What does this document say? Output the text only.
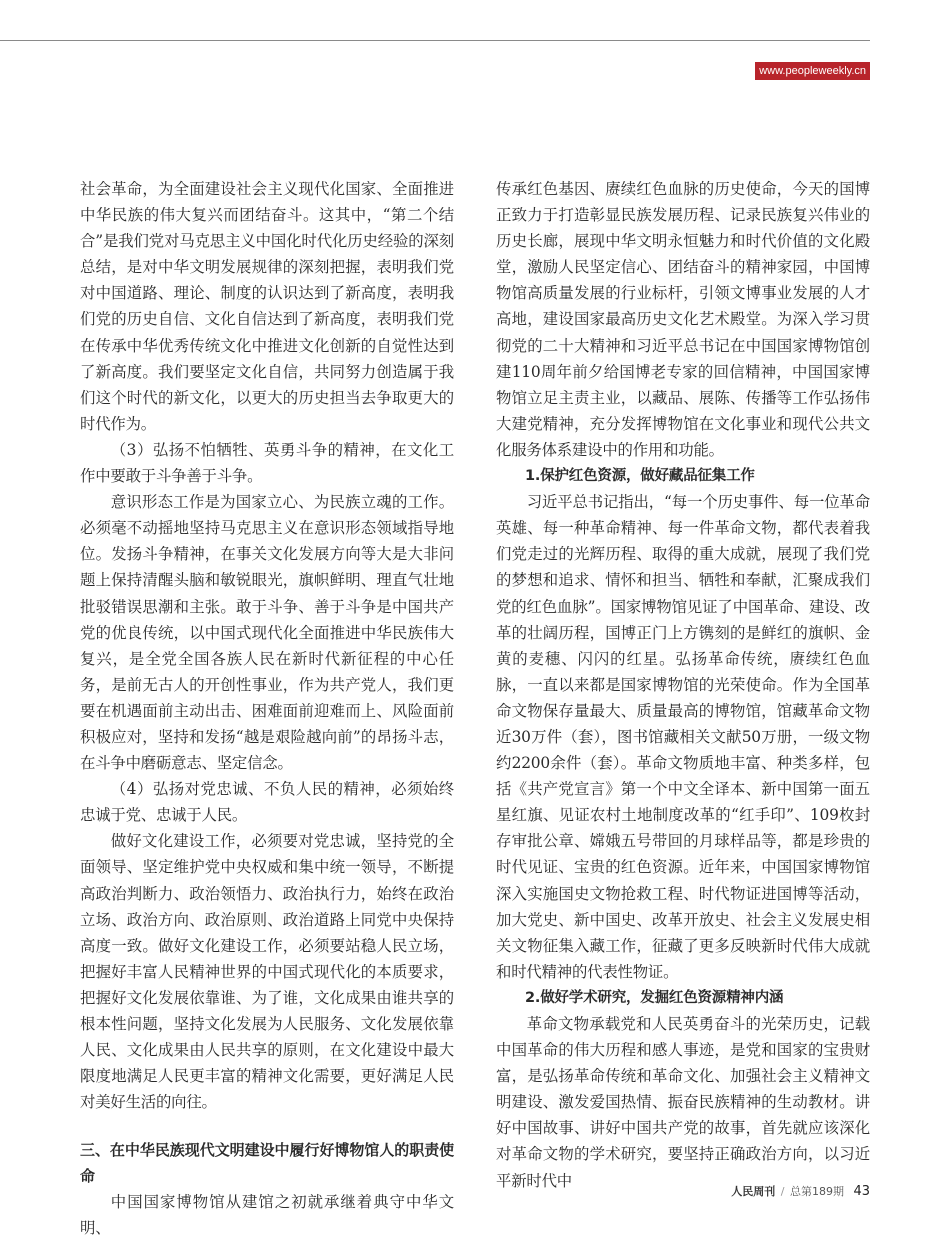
www.peopleweekly.cn

社会革命，为全面建设社会主义现代化国家、全面推进中华民族的伟大复兴而团结奋斗。这其中，“第二个结合”是我们党对马克思主义中国化时代化历史经验的深刻总结，是对中华文明发展规律的深刻把握，表明我们党对中国道路、理论、制度的认识达到了新高度，表明我们党的历史自信、文化自信达到了新高度，表明我们党在传承中华优秀传统文化中推进文化创新的自觉性达到了新高度。我们要坚定文化自信，共同努力创造属于我们这个时代的新文化，以更大的历史担当去争取更大的时代作为。

（3）弘扬不怕牺牲、英勇斗争的精神，在文化工作中要敢于斗争善于斗争。

意识形态工作是为国家立心、为民族立魂的工作。必须毫不动摇地坚持马克思主义在意识形态领域指导地位。发扬斗争精神，在事关文化发展方向等大是大非问题上保持清醒头脑和敏锐眼光，旗帜鲜明、理直气壮地批驳错误思潮和主张。敢于斗争、善于斗争是中国共产党的优良传统，以中国式现代化全面推进中华民族伟大复兴，是全党全国各族人民在新时代新征程的中心任务，是前无古人的开创性事业，作为共产党人，我们更要在机遇面前主动出击、困难面前迎难而上、风险面前积极应对，坚持和发扬“越是艰险越向前”的昂扬斗志，在斗争中磨砺意志、坚定信念。

（4）弘扬对党忠诚、不负人民的精神，必须始终忠诚于党、忠诚于人民。

做好文化建设工作，必须要对党忠诚，坚持党的全面领导、坚定维护党中央权威和集中统一领导，不断提高政治判断力、政治领悟力、政治执行力，始终在政治立场、政治方向、政治原则、政治道路上同党中央保持高度一致。做好文化建设工作，必须要站稳人民立场，把握好丰富人民精神世界的中国式现代化的本质要求，把握好文化发展依靠谁、为了谁，文化成果由谁共享的根本性问题，坚持文化发展为人民服务、文化发展依靠人民、文化成果由人民共享的原则，在文化建设中最大限度地满足人民更丰富的精神文化需要，更好满足人民对美好生活的向往。

三、在中华民族现代文明建设中履行好博物馆人的职责使命

中国国家博物馆从建馆之初就承继着典守中华文明、

传承红色基因、赓续红色血脉的历史使命，今天的国博正致力于打造彰显民族发展历程、记录民族复兴伟业的历史长廊，展现中华文明永恒魅力和时代价值的文化殿堂，激励人民坚定信心、团结奋斗的精神家园，中国博物馆高质量发展的行业标杆，引领文博事业发展的人才高地，建设国家最高历史文化艺术殿堂。为深入学习贯彻党的二十大精神和习近平总书记在中国国家博物馆创建110周年前夕给国博老专家的回信精神，中国国家博物馆立足主责主业，以藏品、展陈、传播等工作弘扬伟大建党精神，充分发挥博物馆在文化事业和现代公共文化服务体系建设中的作用和功能。

1.保护红色资源，做好藏品征集工作

习近平总书记指出，“每一个历史事件、每一位革命英雄、每一种革命精神、每一件革命文物，都代表着我们党走过的光辉历程、取得的重大成就，展现了我们党的梦想和追求、情怀和担当、牺牲和奉献，汇聚成我们党的红色血脉”。国家博物馆见证了中国革命、建设、改革的壮阔历程，国博正门上方镌刻的是鲜红的旗帜、金黄的麦穗、闪闪的红星。弘扬革命传统，赓续红色血脉，一直以来都是国家博物馆的光荣使命。作为全国革命文物保存量最大、质量最高的博物馆，馆藏革命文物近30万件（套），图书馆藏相关文献50万册，一级文物约2200余件（套）。革命文物质地丰富、种类多样，包括《共产党宣言》第一个中文全译本、新中国第一面五星红旗、见证农村土地制度改革的“红手印”、109枚封存审批公章、嫦娥五号带回的月球样品等，都是珍贵的时代见证、宝贵的红色资源。近年来，中国国家博物馆深入实施国史文物抢救工程、时代物证进国博等活动，加大党史、新中国史、改革开放史、社会主义发展史相关文物征集入藏工作，征藏了更多反映新时代伟大成就和时代精神的代表性物证。

2.做好学术研究，发掘红色资源精神内涵

革命文物承载党和人民英勇奋斗的光荣历史，记载中国革命的伟大历程和感人事迹，是党和国家的宝贵财富，是弘扬革命传统和革命文化、加强社会主义精神文明建设、激发爱国热情、振奋民族精神的生动教材。讲好中国故事、讲好中国共产党的故事，首先就应该深化对革命文物的学术研究，要坚持正确政治方向，以习近平新时代中

人民周刊 / 总第189期 43
